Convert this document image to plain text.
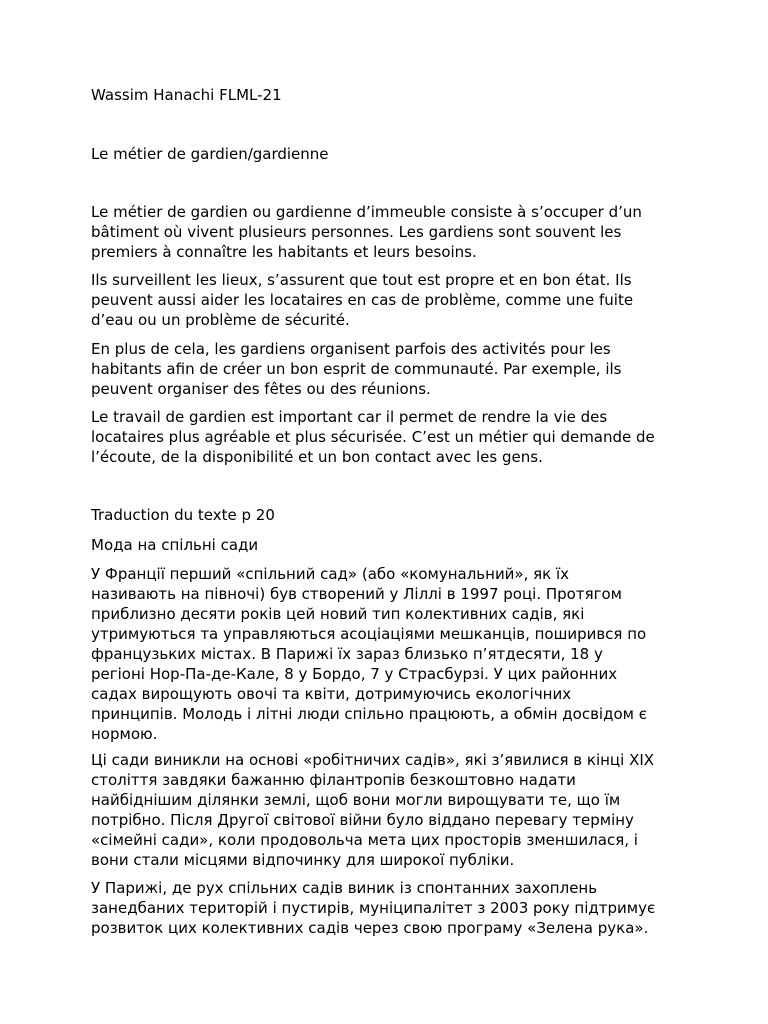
Wassim Hanachi FLML-21

Le métier de gardien/gardienne

Le métier de gardien ou gardienne d’immeuble consiste à s’occuper d’un
bâtiment où vivent plusieurs personnes. Les gardiens sont souvent les
premiers à connaître les habitants et leurs besoins.

Ils surveillent les lieux, s’assurent que tout est propre et en bon état. Ils
peuvent aussi aider les locataires en cas de problème, comme une fuite
d’eau ou un problème de sécurité.

En plus de cela, les gardiens organisent parfois des activités pour les
habitants afin de créer un bon esprit de communauté. Par exemple, ils
peuvent organiser des fêtes ou des réunions.

Le travail de gardien est important car il permet de rendre la vie des
locataires plus agréable et plus sécurisée. C’est un métier qui demande de
l’écoute, de la disponibilité et un bon contact avec les gens.

Traduction du texte p 20

Мода на спільні сади

У Франції перший «спільний сад» (або «комунальний», як їх
називають на півночі) був створений у Ліллі в 1997 році. Протягом
приблизно десяти років цей новий тип колективних садів, які
утримуються та управляються асоціаціями мешканців, поширився по
французьких містах. В Парижі їх зараз близько п’ятдесяти, 18 у
регіоні Нор-Па-де-Кале, 8 у Бордо, 7 у Страсбурзі. У цих районних
садах вирощують овочі та квіти, дотримуючись екологічних
принципів. Молодь і літні люди спільно працюють, а обмін досвідом є
нормою.

Ці сади виникли на основі «робітничих садів», які з’явилися в кінці XIX
століття завдяки бажанню філантропів безкоштовно надати
найбіднішим ділянки землі, щоб вони могли вирощувати те, що їм
потрібно. Після Другої світової війни було віддано перевагу терміну
«сімейні сади», коли продовольча мета цих просторів зменшилася, і
вони стали місцями відпочинку для широкої публіки.

У Парижі, де рух спільних садів виник із спонтанних захоплень
занедбаних територій і пустирів, муніципалітет з 2003 року підтримує
розвиток цих колективних садів через свою програму «Зелена рука».
